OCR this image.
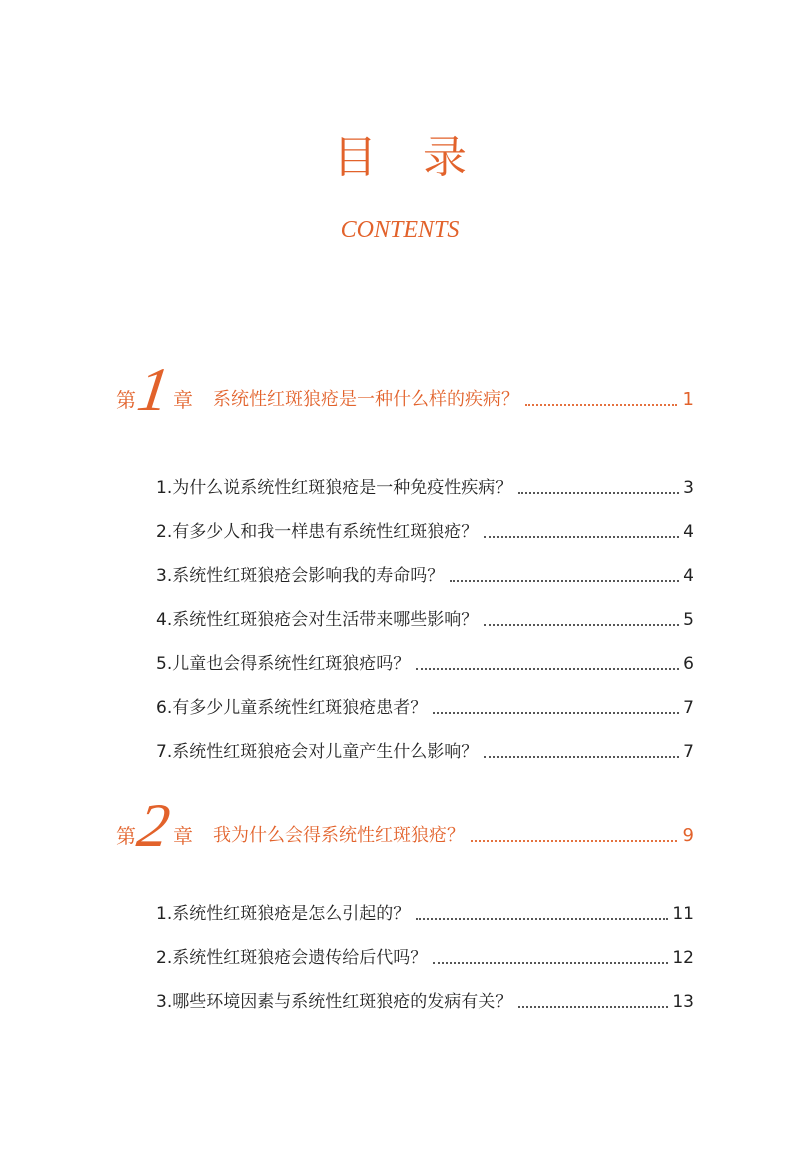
目录
CONTENTS
第
1 章 系统性红斑狼疮是一种什么样的疾病？	1
1.为什么说系统性红斑狼疮是一种免疫性疾病？	3
2.有多少人和我一样患有系统性红斑狼疮？	4
3.系统性红斑狼疮会影响我的寿命吗？	4
4.系统性红斑狼疮会对生活带来哪些影响？	5
5.儿童也会得系统性红斑狼疮吗？	6
6.有多少儿童系统性红斑狼疮患者？	7
7.系统性红斑狼疮会对儿童产生什么影响？	7
第
2 章 我为什么会得系统性红斑狼疮？	9
1.系统性红斑狼疮是怎么引起的？	11
2.系统性红斑狼疮会遗传给后代吗？	12
3.哪些环境因素与系统性红斑狼疮的发病有关？	13
